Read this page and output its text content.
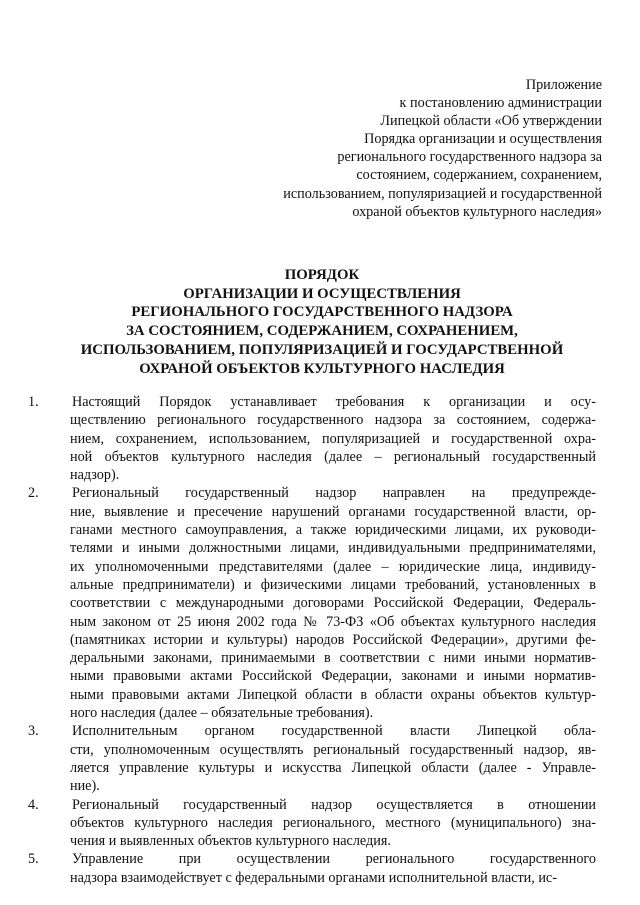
Приложение
к постановлению администрации
Липецкой области «Об утверждении
Порядка организации и осуществления
регионального государственного надзора за
состоянием, содержанием, сохранением,
использованием, популяризацией и государственной
охраной объектов культурного наследия»
ПОРЯДОК
ОРГАНИЗАЦИИ И ОСУЩЕСТВЛЕНИЯ
РЕГИОНАЛЬНОГО ГОСУДАРСТВЕННОГО НАДЗОРА
ЗА СОСТОЯНИЕМ, СОДЕРЖАНИЕМ, СОХРАНЕНИЕМ,
ИСПОЛЬЗОВАНИЕМ, ПОПУЛЯРИЗАЦИЕЙ И ГОСУДАРСТВЕННОЙ
ОХРАНОЙ ОБЪЕКТОВ КУЛЬТУРНОГО НАСЛЕДИЯ
1.	Настоящий Порядок устанавливает требования к организации и осу-
ществлению регионального государственного надзора за состоянием, содержа-
нием, сохранением, использованием, популяризацией и государственной охра-
ной объектов культурного наследия (далее – региональный государственный
надзор).
2.	Региональный государственный надзор направлен на предупрежде-
ние, выявление и пресечение нарушений органами государственной власти, ор-
ганами местного самоуправления, а также юридическими лицами, их руководи-
телями и иными должностными лицами, индивидуальными предпринимателями,
их уполномоченными представителями (далее – юридические лица, индивиду-
альные предприниматели) и физическими лицами требований, установленных в
соответствии с международными договорами Российской Федерации, Федераль-
ным законом от 25 июня 2002 года № 73-ФЗ «Об объектах культурного наследия
(памятниках истории и культуры) народов Российской Федерации», другими фе-
деральными законами, принимаемыми в соответствии с ними иными норматив-
ными правовыми актами Российской Федерации, законами и иными норматив-
ными правовыми актами Липецкой области в области охраны объектов культур-
ного наследия (далее – обязательные требования).
3.	Исполнительным органом государственной власти Липецкой обла-
сти, уполномоченным осуществлять региональный государственный надзор, яв-
ляется управление культуры и искусства Липецкой области (далее - Управле-
ние).
4.	Региональный государственный надзор осуществляется в отношении
объектов культурного наследия регионального, местного (муниципального) зна-
чения и выявленных объектов культурного наследия.
5.	Управление при осуществлении регионального государственного
надзора взаимодействует с федеральными органами исполнительной власти, ис-
